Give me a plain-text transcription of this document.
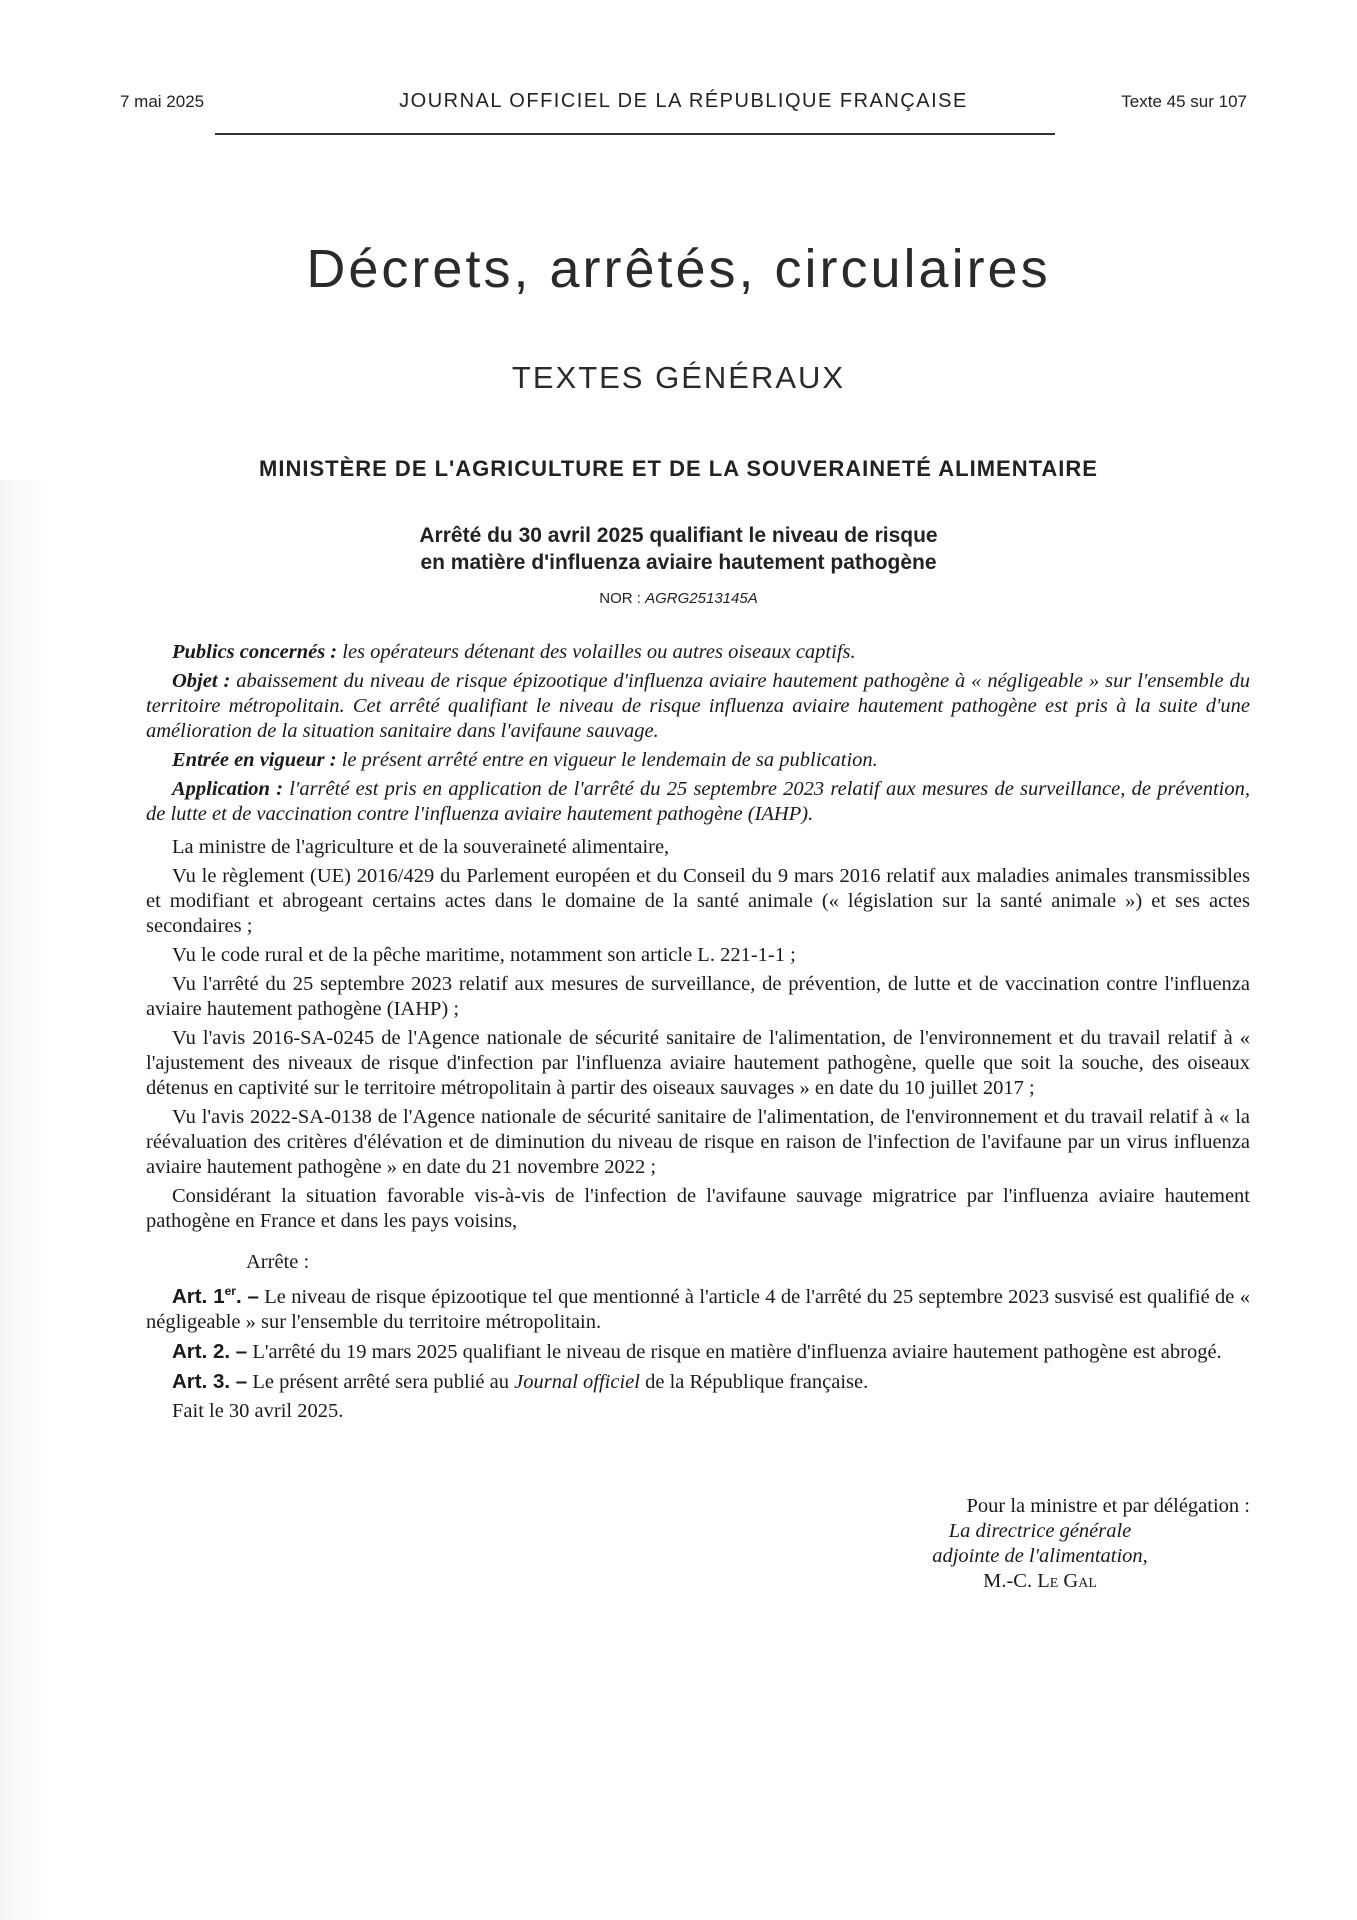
7 mai 2025	JOURNAL OFFICIEL DE LA RÉPUBLIQUE FRANÇAISE	Texte 45 sur 107
Décrets, arrêtés, circulaires
TEXTES GÉNÉRAUX
MINISTÈRE DE L'AGRICULTURE ET DE LA SOUVERAINETÉ ALIMENTAIRE
Arrêté du 30 avril 2025 qualifiant le niveau de risque
en matière d'influenza aviaire hautement pathogène
NOR : AGRG2513145A

Publics concernés : les opérateurs détenant des volailles ou autres oiseaux captifs.

Objet : abaissement du niveau de risque épizootique d'influenza aviaire hautement pathogène à « négligeable » sur l'ensemble du territoire métropolitain. Cet arrêté qualifiant le niveau de risque influenza aviaire hautement pathogène est pris à la suite d'une amélioration de la situation sanitaire dans l'avifaune sauvage.

Entrée en vigueur : le présent arrêté entre en vigueur le lendemain de sa publication.

Application : l'arrêté est pris en application de l'arrêté du 25 septembre 2023 relatif aux mesures de surveillance, de prévention, de lutte et de vaccination contre l'influenza aviaire hautement pathogène (IAHP).

La ministre de l'agriculture et de la souveraineté alimentaire,

Vu le règlement (UE) 2016/429 du Parlement européen et du Conseil du 9 mars 2016 relatif aux maladies animales transmissibles et modifiant et abrogeant certains actes dans le domaine de la santé animale (« législation sur la santé animale ») et ses actes secondaires ;

Vu le code rural et de la pêche maritime, notamment son article L. 221-1-1 ;

Vu l'arrêté du 25 septembre 2023 relatif aux mesures de surveillance, de prévention, de lutte et de vaccination contre l'influenza aviaire hautement pathogène (IAHP) ;

Vu l'avis 2016-SA-0245 de l'Agence nationale de sécurité sanitaire de l'alimentation, de l'environnement et du travail relatif à « l'ajustement des niveaux de risque d'infection par l'influenza aviaire hautement pathogène, quelle que soit la souche, des oiseaux détenus en captivité sur le territoire métropolitain à partir des oiseaux sauvages » en date du 10 juillet 2017 ;

Vu l'avis 2022-SA-0138 de l'Agence nationale de sécurité sanitaire de l'alimentation, de l'environnement et du travail relatif à « la réévaluation des critères d'élévation et de diminution du niveau de risque en raison de l'infection de l'avifaune par un virus influenza aviaire hautement pathogène » en date du 21 novembre 2022 ;

Considérant la situation favorable vis-à-vis de l'infection de l'avifaune sauvage migratrice par l'influenza aviaire hautement pathogène en France et dans les pays voisins,

Arrête :

Art. 1er. – Le niveau de risque épizootique tel que mentionné à l'article 4 de l'arrêté du 25 septembre 2023 susvisé est qualifié de « négligeable » sur l'ensemble du territoire métropolitain.

Art. 2. – L'arrêté du 19 mars 2025 qualifiant le niveau de risque en matière d'influenza aviaire hautement pathogène est abrogé.

Art. 3. – Le présent arrêté sera publié au Journal officiel de la République française.

Fait le 30 avril 2025.

Pour la ministre et par délégation :
La directrice générale
adjointe de l'alimentation,
M.-C. Le Gal
